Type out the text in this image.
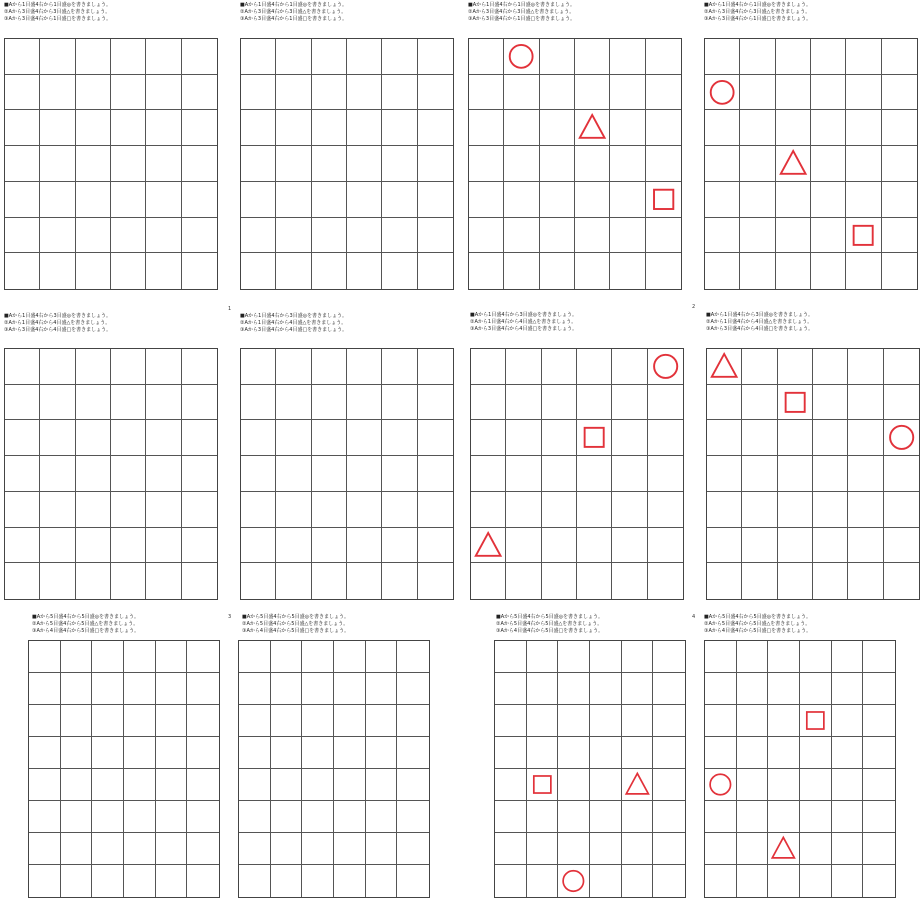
1	2
3	4
■Aから1目盛4右から1目盛◎を書きましょう。
②Aから3目盛4右から3目盛△を書きましょう。
③Aから3目盛4右から1目盛□を書きましょう。
■Aから1目盛4右から1目盛◎を書きましょう。
②Aから3目盛4右から3目盛△を書きましょう。
③Aから3目盛4右から1目盛□を書きましょう。
■Aから1目盛4右から1目盛◎を書きましょう。
②Aから3目盛4右から3目盛△を書きましょう。
③Aから3目盛4右から1目盛□を書きましょう。
■Aから1目盛4右から1目盛◎を書きましょう。
②Aから3目盛4右から3目盛△を書きましょう。
③Aから3目盛4右から1目盛□を書きましょう。
■Aから1目盛4右から3目盛◎を書きましょう。
②Aから1目盛4右から4目盛△を書きましょう。
③Aから3目盛4右から4目盛□を書きましょう。
■Aから1目盛4右から3目盛◎を書きましょう。
②Aから1目盛4右から4目盛△を書きましょう。
③Aから3目盛4右から4目盛□を書きましょう。
■Aから1目盛4右から3目盛◎を書きましょう。
②Aから1目盛4右から4目盛△を書きましょう。
③Aから3目盛4右から4目盛□を書きましょう。
■Aから1目盛4右から3目盛◎を書きましょう。
②Aから1目盛4右から4目盛△を書きましょう。
③Aから3目盛4右から4目盛□を書きましょう。
■Aから5目盛4右から5目盛◎を書きましょう。
②Aから5目盛4右から5目盛△を書きましょう。
③Aから4目盛4右から5目盛□を書きましょう。
■Aから5目盛4右から5目盛◎を書きましょう。
②Aから5目盛4右から5目盛△を書きましょう。
③Aから4目盛4右から5目盛□を書きましょう。
■Aから5目盛4右から5目盛◎を書きましょう。
②Aから5目盛4右から5目盛△を書きましょう。
③Aから4目盛4右から5目盛□を書きましょう。
■Aから5目盛4右から5目盛◎を書きましょう。
②Aから5目盛4右から5目盛△を書きましょう。
③Aから4目盛4右から5目盛□を書きましょう。
